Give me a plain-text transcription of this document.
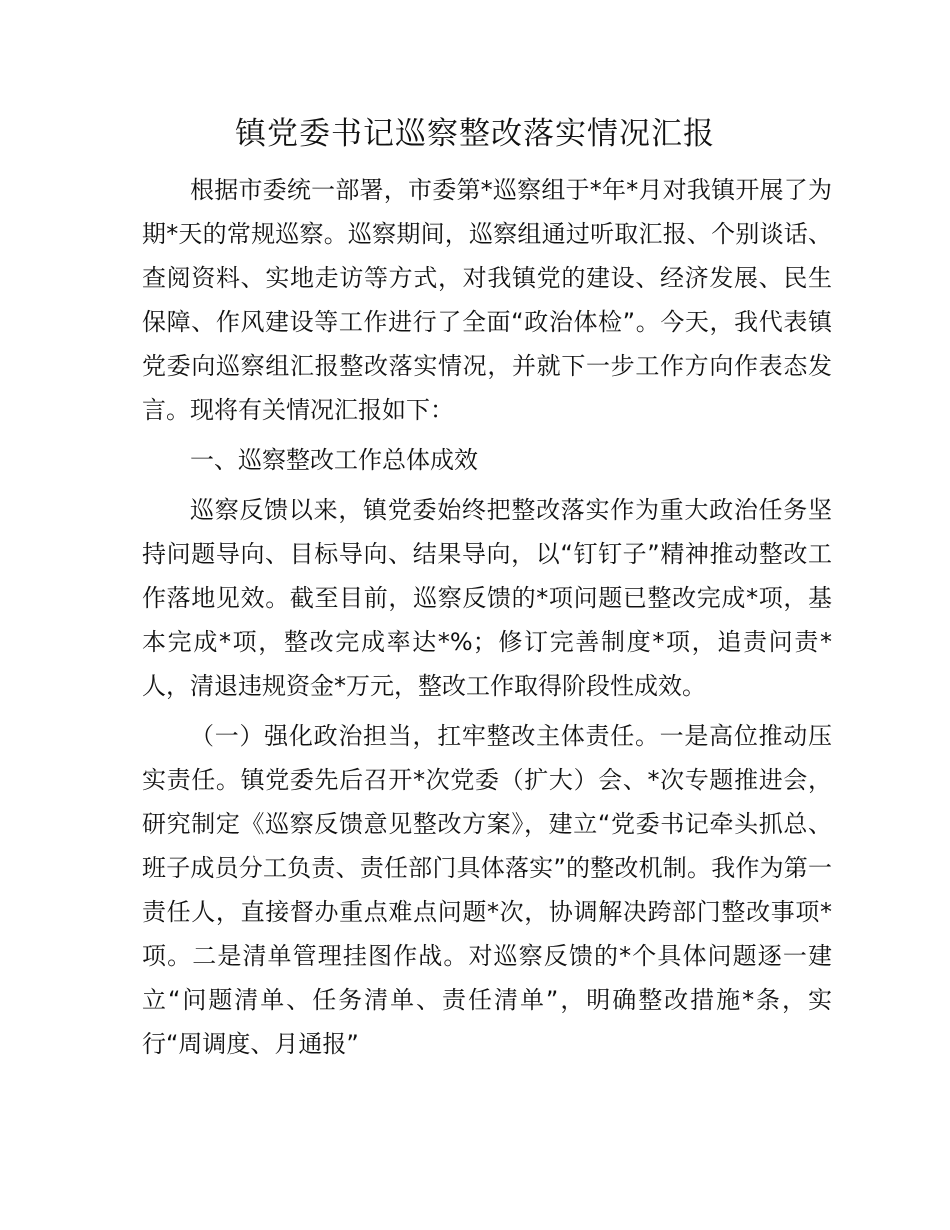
镇党委书记巡察整改落实情况汇报

根据市委统一部署，市委第*巡察组于*年*月对我镇开展了为期*天的常规巡察。巡察期间，巡察组通过听取汇报、个别谈话、查阅资料、实地走访等方式，对我镇党的建设、经济发展、民生保障、作风建设等工作进行了全面“政治体检”。今天，我代表镇党委向巡察组汇报整改落实情况，并就下一步工作方向作表态发言。现将有关情况汇报如下：

一、巡察整改工作总体成效

巡察反馈以来，镇党委始终把整改落实作为重大政治任务坚持问题导向、目标导向、结果导向，以“钉钉子”精神推动整改工作落地见效。截至目前，巡察反馈的*项问题已整改完成*项，基本完成*项，整改完成率达*%；修订完善制度*项，追责问责*人，清退违规资金*万元，整改工作取得阶段性成效。

（一）强化政治担当，扛牢整改主体责任。一是高位推动压实责任。镇党委先后召开*次党委（扩大）会、*次专题推进会，研究制定《巡察反馈意见整改方案》，建立“党委书记牵头抓总、班子成员分工负责、责任部门具体落实”的整改机制。我作为第一责任人，直接督办重点难点问题*次，协调解决跨部门整改事项*项。二是清单管理挂图作战。对巡察反馈的*个具体问题逐一建立“问题清单、任务清单、责任清单”，明确整改措施*条，实行“周调度、月通报”
